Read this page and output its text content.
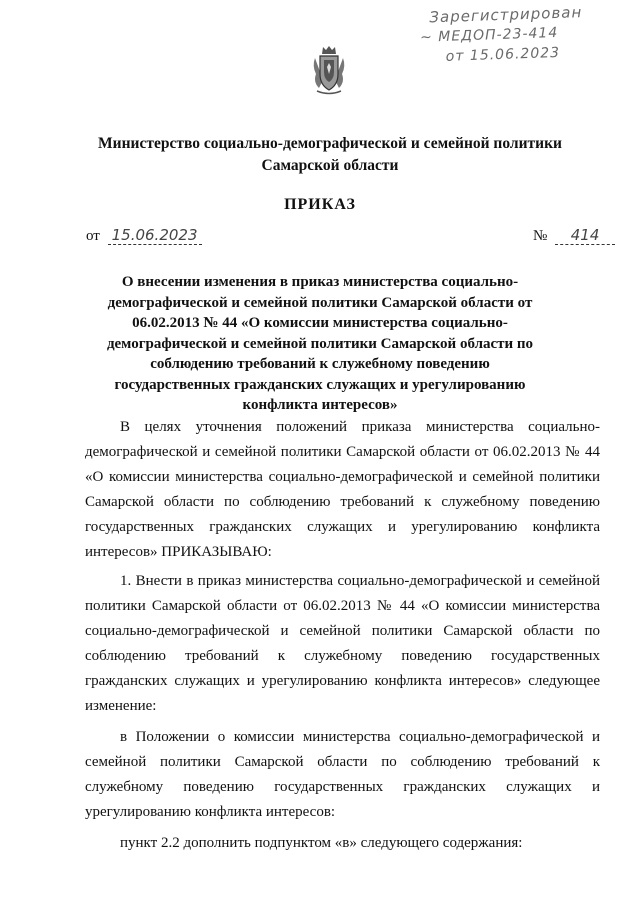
Зарегистрирован
~ МЕДОП-23-414
от 15.06.2023
Министерство социально-демографической и семейной политики Самарской области
ПРИКАЗ
от 15.06.2023	№ 414
О внесении изменения в приказ министерства социально-демографической и семейной политики Самарской области от 06.02.2013 № 44 «О комиссии министерства социально-демографической и семейной политики Самарской области по соблюдению требований к служебному поведению государственных гражданских служащих и урегулированию конфликта интересов»

В целях уточнения положений приказа министерства социально-демографической и семейной политики Самарской области от 06.02.2013 № 44 «О комиссии министерства социально-демографической и семейной политики Самарской области по соблюдению требований к служебному поведению государственных гражданских служащих и урегулированию конфликта интересов» ПРИКАЗЫВАЮ:

1. Внести в приказ министерства социально-демографической и семейной политики Самарской области от 06.02.2013 № 44 «О комиссии министерства социально-демографической и семейной политики Самарской области по соблюдению требований к служебному поведению государственных гражданских служащих и урегулированию конфликта интересов» следующее изменение:

в Положении о комиссии министерства социально-демографической и семейной политики Самарской области по соблюдению требований к служебному поведению государственных гражданских служащих и урегулированию конфликта интересов:

пункт 2.2 дополнить подпунктом «в» следующего содержания:
